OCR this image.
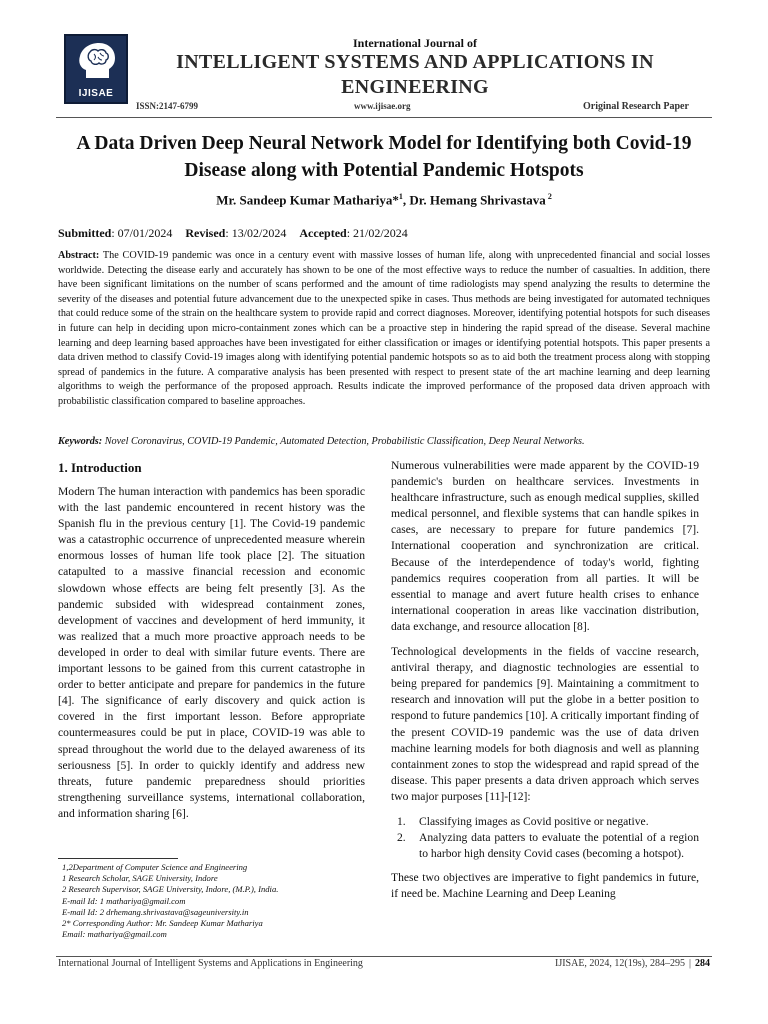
IJISAE
International Journal of
INTELLIGENT SYSTEMS AND APPLICATIONS IN ENGINEERING
ISSN:2147-6799	www.ijisae.org	Original Research Paper
A Data Driven Deep Neural Network Model for Identifying both Covid-19 Disease along with Potential Pandemic Hotspots
Mr. Sandeep Kumar Mathariya*$^1$, Dr. Hemang Shrivastava $^2$
Submitted: 07/01/2024 Revised: 13/02/2024 Accepted: 21/02/2024
Abstract: The COVID-19 pandemic was once in a century event with massive losses of human life, along with unprecedented financial and social losses worldwide. Detecting the disease early and accurately has shown to be one of the most effective ways to reduce the number of casualties. In addition, there have been significant limitations on the number of scans performed and the amount of time radiologists may spend analyzing the results to determine the severity of the diseases and potential future advancement due to the unexpected spike in cases. Thus methods are being investigated for automated techniques that could reduce some of the strain on the healthcare system to provide rapid and correct diagnoses. Moreover, identifying potential hotspots for such diseases in future can help in deciding upon micro-containment zones which can be a proactive step in hindering the rapid spread of the disease. Several machine learning and deep learning based approaches have been investigated for either classification or images or identifying potential hotspots. This paper presents a data driven method to classify Covid-19 images along with identifying potential pandemic hotspots so as to aid both the treatment process along with stopping spread of pandemics in the future. A comparative analysis has been presented with respect to present state of the art machine learning and deep learning algorithms to weigh the performance of the proposed approach. Results indicate the improved performance of the proposed data driven approach with probabilistic classification compared to baseline approaches.
Keywords: Novel Coronavirus, COVID-19 Pandemic, Automated Detection, Probabilistic Classification, Deep Neural Networks.
1. Introduction
Modern The human interaction with pandemics has been sporadic with the last pandemic encountered in recent history was the Spanish flu in the previous century [1]. The Covid-19 pandemic was a catastrophic occurrence of unprecedented measure wherein enormous losses of human life took place [2]. The situation catapulted to a massive financial recession and economic slowdown whose effects are being felt presently [3]. As the pandemic subsided with widespread containment zones, development of vaccines and development of herd immunity, it was realized that a much more proactive approach needs to be developed in order to deal with similar future events. There are important lessons to be gained from this current catastrophe in order to better anticipate and prepare for pandemics in the future [4]. The significance of early discovery and quick action is covered in the first important lesson. Before appropriate countermeasures could be put in place, COVID-19 was able to spread throughout the world due to the delayed awareness of its seriousness [5]. In order to quickly identify and address new threats, future pandemic preparedness should priorities strengthening surveillance systems, international collaboration, and information sharing [6].
Numerous vulnerabilities were made apparent by the COVID-19 pandemic's burden on healthcare services. Investments in healthcare infrastructure, such as enough medical supplies, skilled medical personnel, and flexible systems that can handle spikes in cases, are necessary to prepare for future pandemics [7]. International cooperation and synchronization are critical. Because of the interdependence of today's world, fighting pandemics requires cooperation from all parties. It will be essential to manage and avert future health crises to enhance international cooperation in areas like vaccination distribution, data exchange, and resource allocation [8].
Technological developments in the fields of vaccine research, antiviral therapy, and diagnostic technologies are essential to being prepared for pandemics [9]. Maintaining a commitment to research and innovation will put the globe in a better position to respond to future pandemics [10]. A critically important finding of the present COVID-19 pandemic was the use of data driven machine learning models for both diagnosis and well as planning containment zones to stop the widespread and rapid spread of the disease. This paper presents a data driven approach which serves two major purposes [11]-[12]:
1. Classifying images as Covid positive or negative.
2. Analyzing data patters to evaluate the potential of a region to harbor high density Covid cases (becoming a hotspot).
These two objectives are imperative to fight pandemics in future, if need be. Machine Learning and Deep Leaning
1,2Department of Computer Science and Engineering
1 Research Scholar, SAGE University, Indore
2 Research Supervisor, SAGE University, Indore, (M.P.), India.
E-mail Id: 1 mathariya@gmail.com
E-mail Id: 2 drhemang.shrivastava@sageuniversity.in
2* Corresponding Author: Mr. Sandeep Kumar Mathariya
Email: mathariya@gmail.com
International Journal of Intelligent Systems and Applications in Engineering	IJISAE, 2024, 12(19s), 284–295 | 284
